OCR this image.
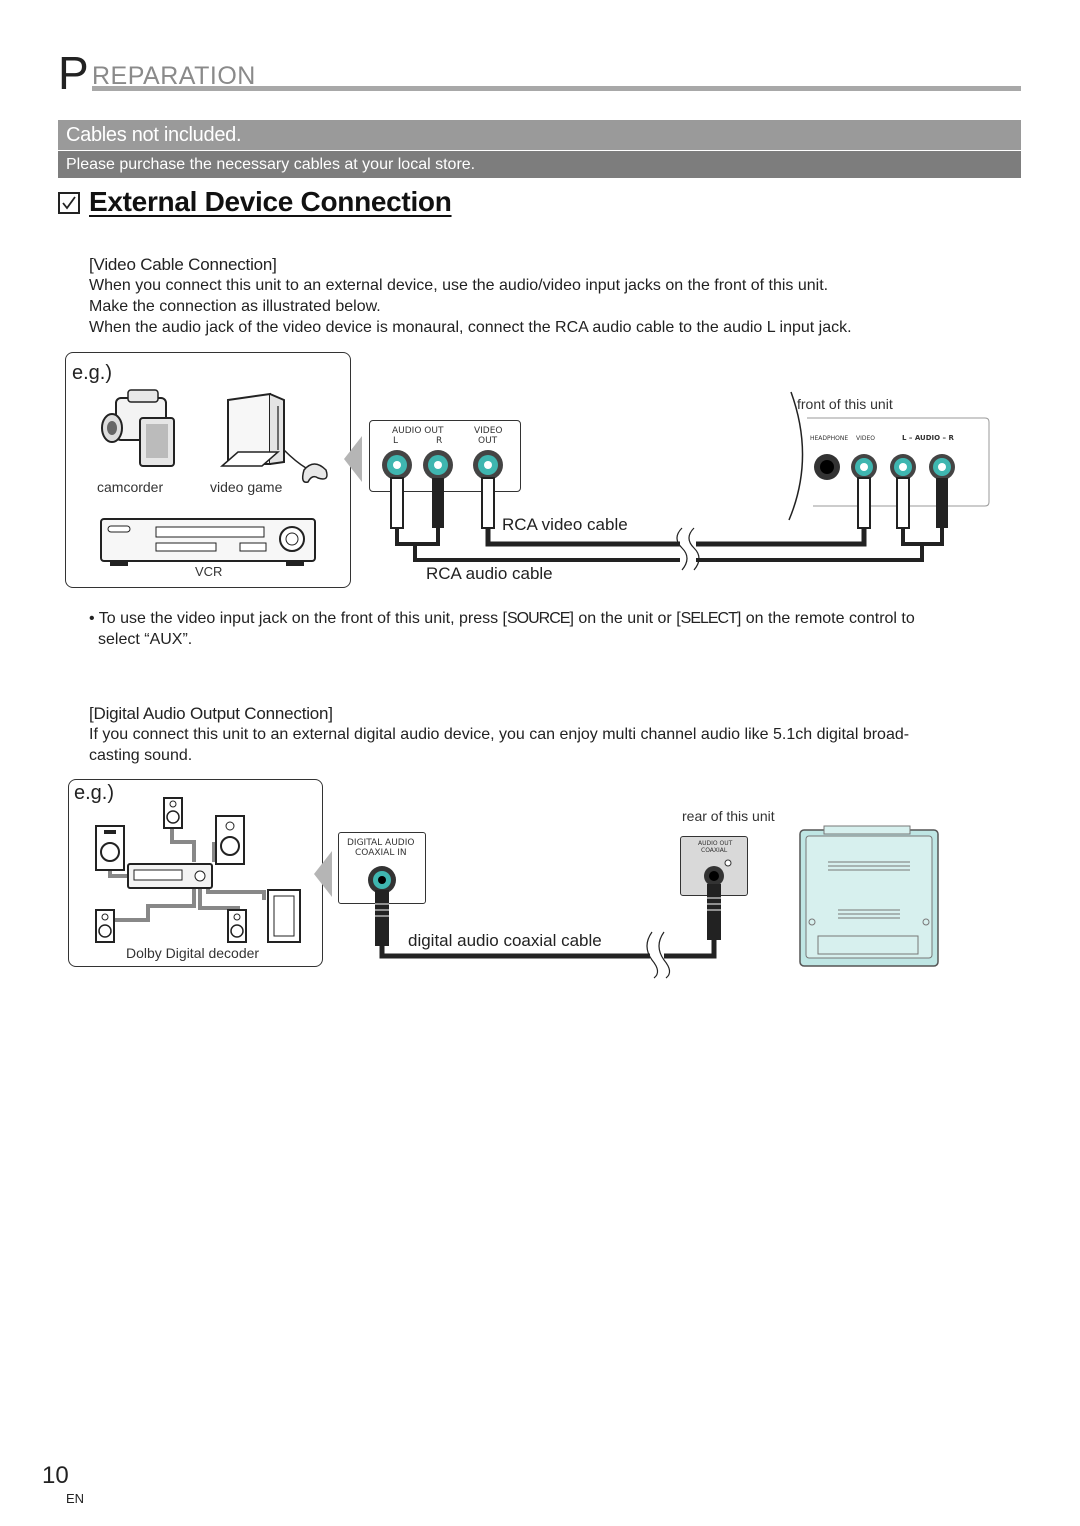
P REPARATION
Cables not included.
Please purchase the necessary cables at your local store.
External Device Connection
[Video Cable Connection]
When you connect this unit to an external device, use the audio/video input jacks on the front of this unit.
Make the connection as illustrated below.
When the audio jack of the video device is monaural, connect the RCA audio cable to the audio L input jack.
e.g.)
camcorder	video game
VCR
AUDIO OUT
L	R
VIDEO
OUT
front of this unit
HEADPHONE VIDEO	L – AUDIO – R
RCA video cable
RCA audio cable
• To use the video input jack on the front of this unit, press [SOURCE] on the unit or [SELECT] on the remote control to
select “AUX”.
[Digital Audio Output Connection]
If you connect this unit to an external digital audio device, you can enjoy multi channel audio like 5.1ch digital broad-
casting sound.
e.g.)
Dolby Digital decoder
DIGITAL AUDIO
COAXIAL IN
AUDIO OUT
COAXIAL
rear of this unit
digital audio coaxial cable
10
EN
